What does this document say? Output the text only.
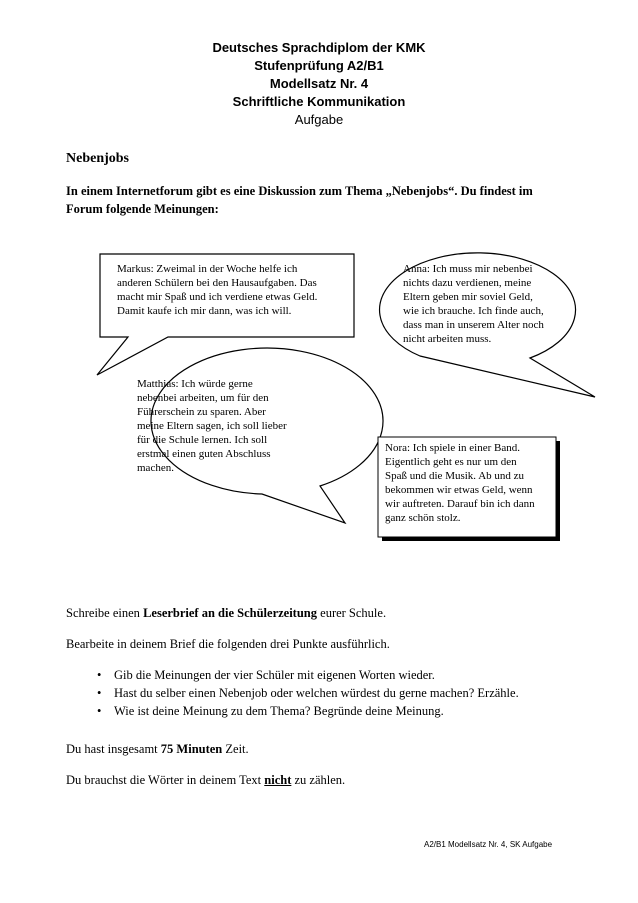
Deutsches Sprachdiplom der KMK
Stufenprüfung A2/B1
Modellsatz Nr. 4
Schriftliche Kommunikation
Aufgabe
Nebenjobs
In einem Internetforum gibt es eine Diskussion zum Thema „Nebenjobs“. Du findest im Forum folgende Meinungen:
Markus: Zweimal in der Woche helfe ich
anderen Schülern bei den Hausaufgaben. Das
macht mir Spaß und ich verdiene etwas Geld.
Damit kaufe ich mir dann, was ich will.
Anna: Ich muss mir nebenbei
nichts dazu verdienen, meine
Eltern geben mir soviel Geld,
wie ich brauche. Ich finde auch,
dass man in unserem Alter noch
nicht arbeiten muss.
Matthias: Ich würde gerne
nebenbei arbeiten, um für den
Führerschein zu sparen. Aber
meine Eltern sagen, ich soll lieber
für die Schule lernen. Ich soll
erstmal einen guten Abschluss
machen.
Nora: Ich spiele in einer Band.
Eigentlich geht es nur um den
Spaß und die Musik. Ab und zu
bekommen wir etwas Geld, wenn
wir auftreten. Darauf bin ich dann
ganz schön stolz.
Schreibe einen Leserbrief an die Schülerzeitung eurer Schule.
Bearbeite in deinem Brief die folgenden drei Punkte ausführlich.
• Gib die Meinungen der vier Schüler mit eigenen Worten wieder.
• Hast du selber einen Nebenjob oder welchen würdest du gerne machen? Erzähle.
• Wie ist deine Meinung zu dem Thema? Begründe deine Meinung.
Du hast insgesamt 75 Minuten Zeit.
Du brauchst die Wörter in deinem Text nicht zu zählen.
A2/B1 Modellsatz Nr. 4, SK Aufgabe
